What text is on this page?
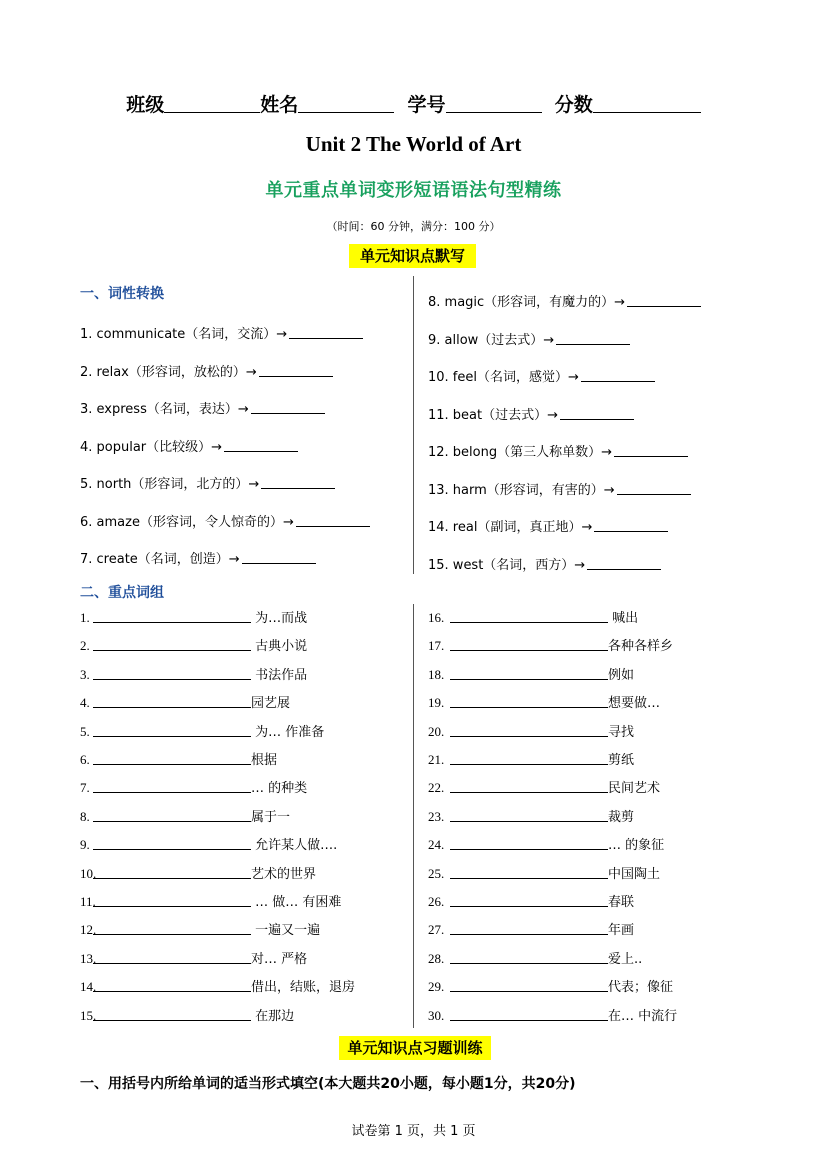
班级	姓名	学号	分数
Unit 2 The World of Art
单元重点单词变形短语语法句型精练
（时间：60 分钟，满分：100 分）
单元知识点默写
一、词性转换
1. communicate（名词，交流）→
2. relax（形容词，放松的）→
3. express（名词，表达）→
4. popular（比较级）→
5. north（形容词，北方的）→
6. amaze（形容词，令人惊奇的）→
7. create（名词，创造）→
8. magic（形容词，有魔力的）→
9. allow（过去式）→
10. feel（名词，感觉）→
11. beat（过去式）→
12. belong（第三人称单数）→
13. harm（形容词，有害的）→
14. real（副词，真正地）→
15. west（名词，西方）→
二、重点词组
1.	为…而战
2.	古典小说
3.	书法作品
4.	园艺展
5.	为… 作准备
6.	根据
7.	… 的种类
8.	属于一
9.	允许某人做….
10.	艺术的世界
11.	… 做… 有困难
12.	一遍又一遍
13.	对… 严格
14.	借出，结账，退房
15.	在那边
16.	喊出
17.	各种各样乡
18.	例如
19.	想要做…
20.	寻找
21.	剪纸
22.	民间艺术
23.	裁剪
24.	… 的象征
25.	中国陶土
26.	春联
27.	年画
28.	爱上..
29.	代表；像征
30.	在… 中流行
单元知识点习题训练
一、用括号内所给单词的适当形式填空(本大题共20小题，每小题1分，共20分)
试卷第 1 页，共 1 页
